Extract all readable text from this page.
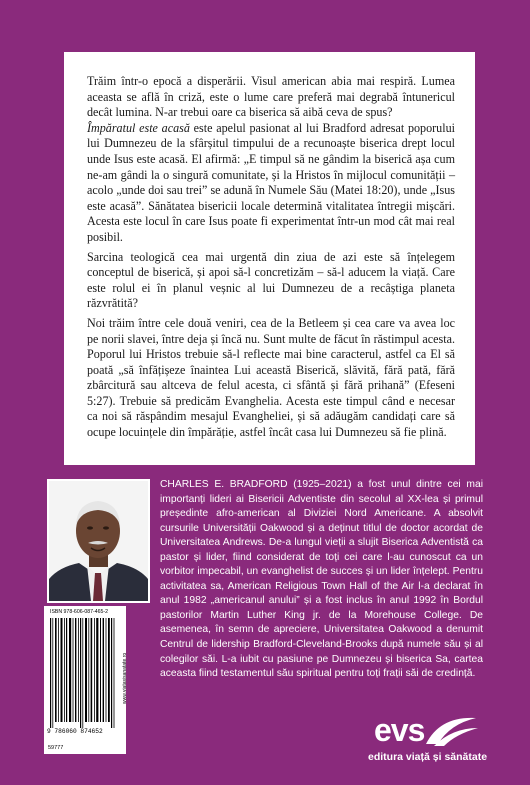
Trăim într-o epocă a disperării. Visul american abia mai respiră. Lumea aceasta se află în criză, este o lume care preferă mai degrabă întunericul decât lumina. N-ar trebui oare ca biserica să aibă ceva de spus?

Împăratul este acasă este apelul pasionat al lui Bradford adresat poporului lui Dumnezeu de la sfârșitul timpului de a recunoaște biserica drept locul unde Isus este acasă. El afirmă: „E timpul să ne gândim la biserică așa cum ne-am gândi la o singură comunitate, și la Hristos în mijlocul comunității – acolo „unde doi sau trei” se adună în Numele Său (Matei 18:20), unde „Isus este acasă”. Sănătatea bisericii locale determină vitalitatea întregii mișcări. Acesta este locul în care Isus poate fi experimentat într-un mod cât mai real posibil.

Sarcina teologică cea mai urgentă din ziua de azi este să înțelegem conceptul de biserică, și apoi să-l concretizăm – să-l aducem la viață. Care este rolul ei în planul veșnic al lui Dumnezeu de a recâștiga planeta răzvrătită?

Noi trăim între cele două veniri, cea de la Betleem și cea care va avea loc pe norii slavei, între deja și încă nu. Sunt multe de făcut în răstimpul acesta. Poporul lui Hristos trebuie să-l reflecte mai bine caracterul, astfel ca El să poată „să înfățișeze înaintea Lui această Biserică, slăvită, fără pată, fără zbârcitură sau altceva de felul acesta, ci sfântă și fără prihană” (Efeseni 5:27). Trebuie să predicăm Evanghelia. Acesta este timpul când e necesar ca noi să răspândim mesajul Evangheliei, și să adăugăm candidați care să ocupe locuințele din împărăție, astfel încât casa lui Dumnezeu să fie plină.

CHARLES E. BRADFORD (1925–2021) a fost unul dintre cei mai importanți lideri ai Bisericii Adventiste din secolul al XX-lea și primul președinte afro-american al Diviziei Nord Americane. A absolvit cursurile Universității Oakwood și a deținut titlul de doctor acordat de Universitatea Andrews. De-a lungul vieții a slujit Biserica Adventistă ca pastor și lider, fiind considerat de toți cei care l-au cunoscut ca un vorbitor impecabil, un evanghelist de succes și un lider înțelept. Pentru activitatea sa, American Religious Town Hall of the Air l-a declarat în anul 1982 „americanul anului” și a fost inclus în anul 1992 în Bordul pastorilor Martin Luther King jr. de la Morehouse College. De asemenea, în semn de apreciere, Universitatea Oakwood a denumit Centrul de lidership Bradford-Cleveland-Brooks după numele său și al colegilor săi. L-a iubit cu pasiune pe Dumnezeu și biserica Sa, cartea aceasta fiind testamentul său spiritual pentru toți frații săi de credință.
9 786060 874652
ISBN 978-606-087-465-2
59777
www.viatasisanatate.ro
evs
editura viață și sănătate
